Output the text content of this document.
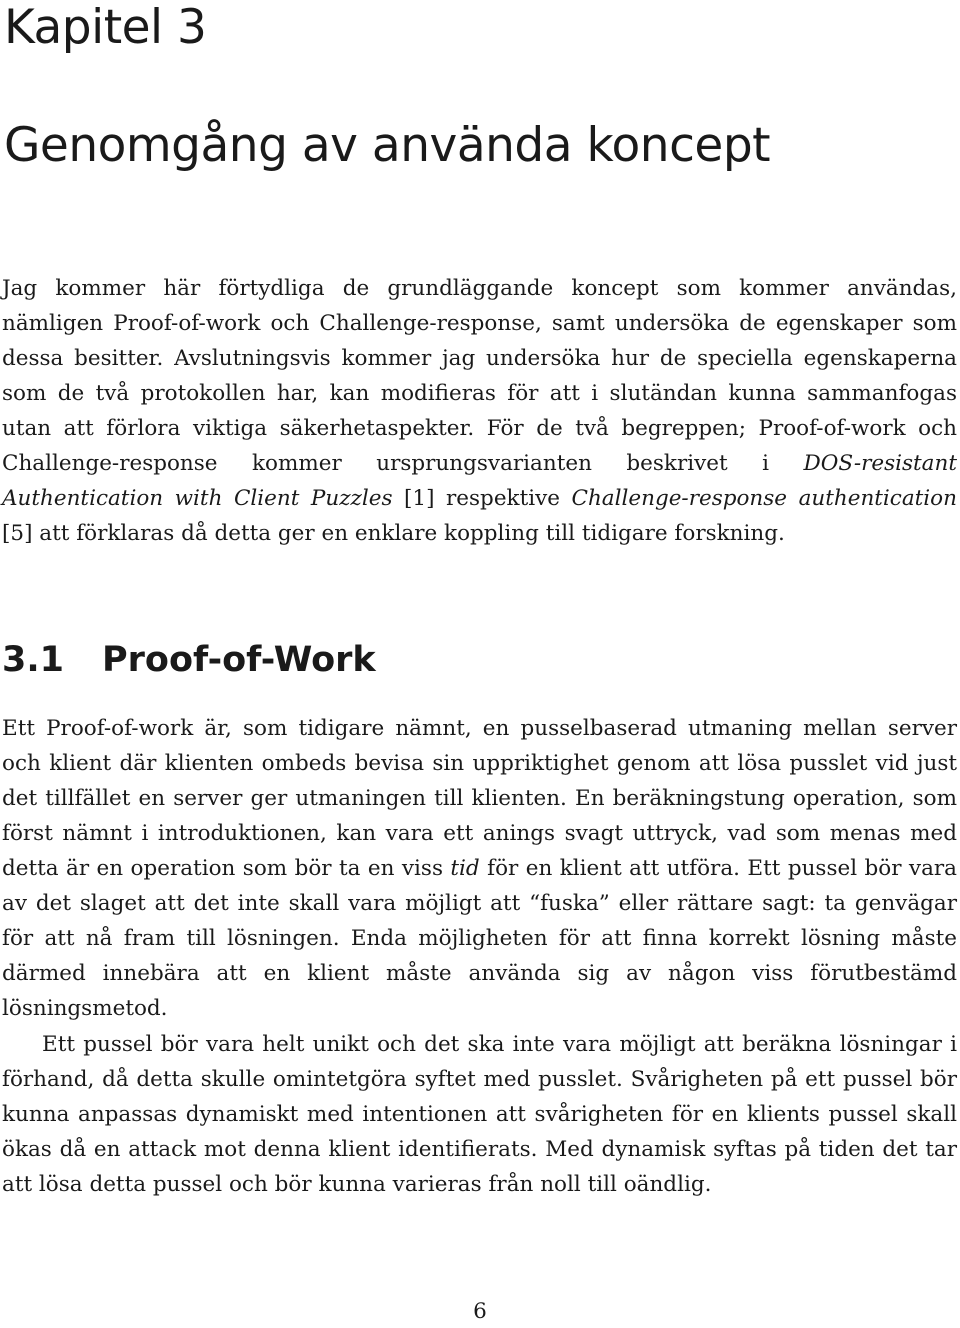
Kapitel 3
Genomgång av använda koncept

Jag kommer här förtydliga de grundläggande koncept som kommer användas, nämligen Proof-of-work och Challenge-response, samt undersöka de egenskaper som dessa besitter. Avslutningsvis kommer jag undersöka hur de speciella egenskaperna som de två protokollen har, kan modifieras för att i slutändan kunna sammanfogas utan att förlora viktiga säkerhetaspekter. För de två begreppen; Proof-of-work och Challenge-response kommer ursprungsvarianten beskrivet i DOS-resistant Authentication with Client Puzzles [1] respektive Challenge-response authentication [5] att förklaras då detta ger en enklare koppling till tidigare forskning.

3.1 Proof-of-Work

Ett Proof-of-work är, som tidigare nämnt, en pusselbaserad utmaning mellan server och klient där klienten ombeds bevisa sin uppriktighet genom att lösa pusslet vid just det tillfället en server ger utmaningen till klienten. En beräkningstung operation, som först nämnt i introduktionen, kan vara ett anings svagt uttryck, vad som menas med detta är en operation som bör ta en viss tid för en klient att utföra. Ett pussel bör vara av det slaget att det inte skall vara möjligt att “fuska” eller rättare sagt: ta genvägar för att nå fram till lösningen. Enda möjligheten för att finna korrekt lösning måste därmed innebära att en klient måste använda sig av någon viss förutbestämd lösningsmetod.

Ett pussel bör vara helt unikt och det ska inte vara möjligt att beräkna lösningar i förhand, då detta skulle omintetgöra syftet med pusslet. Svårigheten på ett pussel bör kunna anpassas dynamiskt med intentionen att svårigheten för en klients pussel skall ökas då en attack mot denna klient identifierats. Med dynamisk syftas på tiden det tar att lösa detta pussel och bör kunna varieras från noll till oändlig.

6
